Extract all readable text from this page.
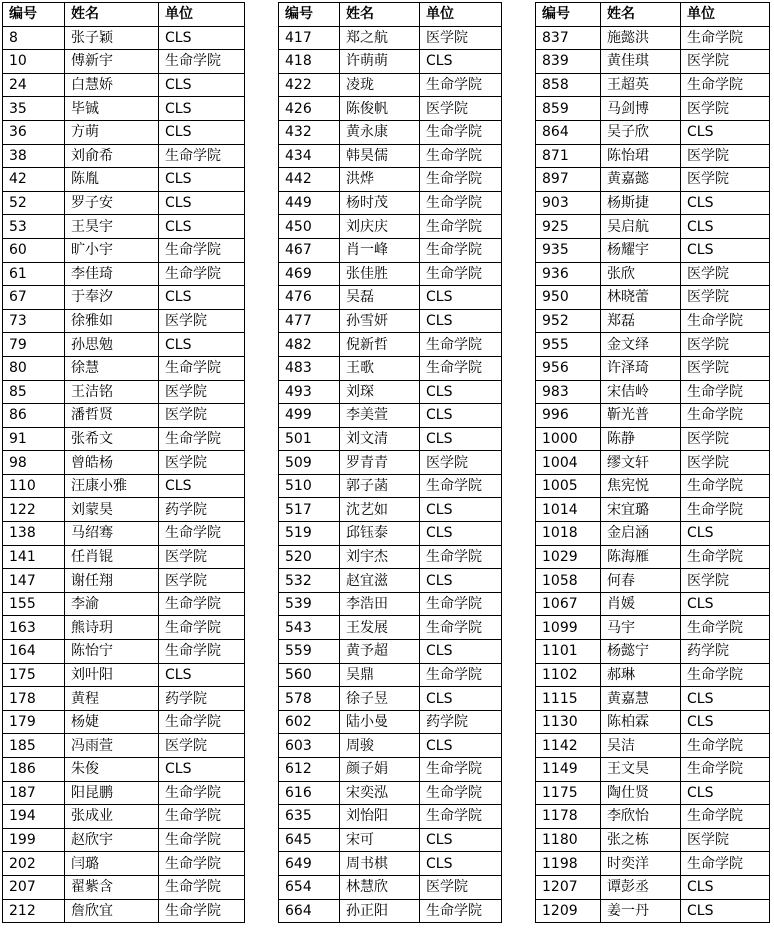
编号	姓名	单位
8	张子颖	CLS
10	傅新宇	生命学院
24	白慧娇	CLS
35	毕铖	CLS
36	方萌	CLS
38	刘俞希	生命学院
42	陈胤	CLS
52	罗子安	CLS
53	王昊宇	CLS
60	旷小宇	生命学院
61	李佳琦	生命学院
67	于奉汐	CLS
73	徐雅如	医学院
79	孙思勉	CLS
80	徐慧	生命学院
85	王洁铭	医学院
86	潘哲贤	医学院
91	张希文	生命学院
98	曾皓杨	医学院
110	汪康小雅	CLS
122	刘蒙昊	药学院
138	马绍骞	生命学院
141	任肖锟	医学院
147	谢任翔	医学院
155	李渝	生命学院
163	熊诗玥	生命学院
164	陈怡宁	生命学院
175	刘叶阳	CLS
178	黄程	药学院
179	杨婕	生命学院
185	冯雨萱	医学院
186	朱俊	CLS
187	阳昆鹏	生命学院
194	张成业	生命学院
199	赵欣宇	生命学院
202	闫璐	生命学院
207	翟紫含	生命学院
212	詹欣宜	生命学院
编号	姓名	单位
417	郑之航	医学院
418	许萌萌	CLS
422	凌珑	生命学院
426	陈俊帆	医学院
432	黄永康	生命学院
434	韩昊儒	生命学院
442	洪烨	生命学院
449	杨时茂	生命学院
450	刘庆庆	生命学院
467	肖一峰	生命学院
469	张佳胜	生命学院
476	吴磊	CLS
477	孙雪妍	CLS
482	倪新哲	生命学院
483	王歌	生命学院
493	刘琛	CLS
499	李美萱	CLS
501	刘文清	CLS
509	罗青青	医学院
510	郭子菡	生命学院
517	沈艺如	CLS
519	邱钰泰	CLS
520	刘宇杰	生命学院
532	赵宜滋	CLS
539	李浩田	生命学院
543	王发展	生命学院
559	黄予超	CLS
560	吴鼎	生命学院
578	徐子昱	CLS
602	陆小曼	药学院
603	周骏	CLS
612	颜子娟	生命学院
616	宋奕泓	生命学院
635	刘怡阳	生命学院
645	宋可	CLS
649	周书棋	CLS
654	林慧欣	医学院
664	孙正阳	生命学院
编号	姓名	单位
837	施懿洪	生命学院
839	黄佳琪	医学院
858	王超英	生命学院
859	马剑博	医学院
864	吴子欣	CLS
871	陈怡珺	医学院
897	黄嘉懿	医学院
903	杨斯捷	CLS
925	吴启航	CLS
935	杨耀宇	CLS
936	张欣	医学院
950	林晓蕾	医学院
952	郑磊	生命学院
955	金文绎	医学院
956	许泽琦	医学院
983	宋佶岭	生命学院
996	靳光普	生命学院
1000	陈静	医学院
1004	缪文轩	医学院
1005	焦宪悦	生命学院
1014	宋宜璐	生命学院
1018	金启涵	CLS
1029	陈海雁	生命学院
1058	何春	医学院
1067	肖媛	CLS
1099	马宇	生命学院
1101	杨懿宁	药学院
1102	郝琳	生命学院
1115	黄嘉慧	CLS
1130	陈柏霖	CLS
1142	吴洁	生命学院
1149	王文昊	生命学院
1175	陶仕贤	CLS
1178	李欣怡	生命学院
1180	张之栋	医学院
1198	时奕洋	生命学院
1207	谭彭丞	CLS
1209	姜一丹	CLS
